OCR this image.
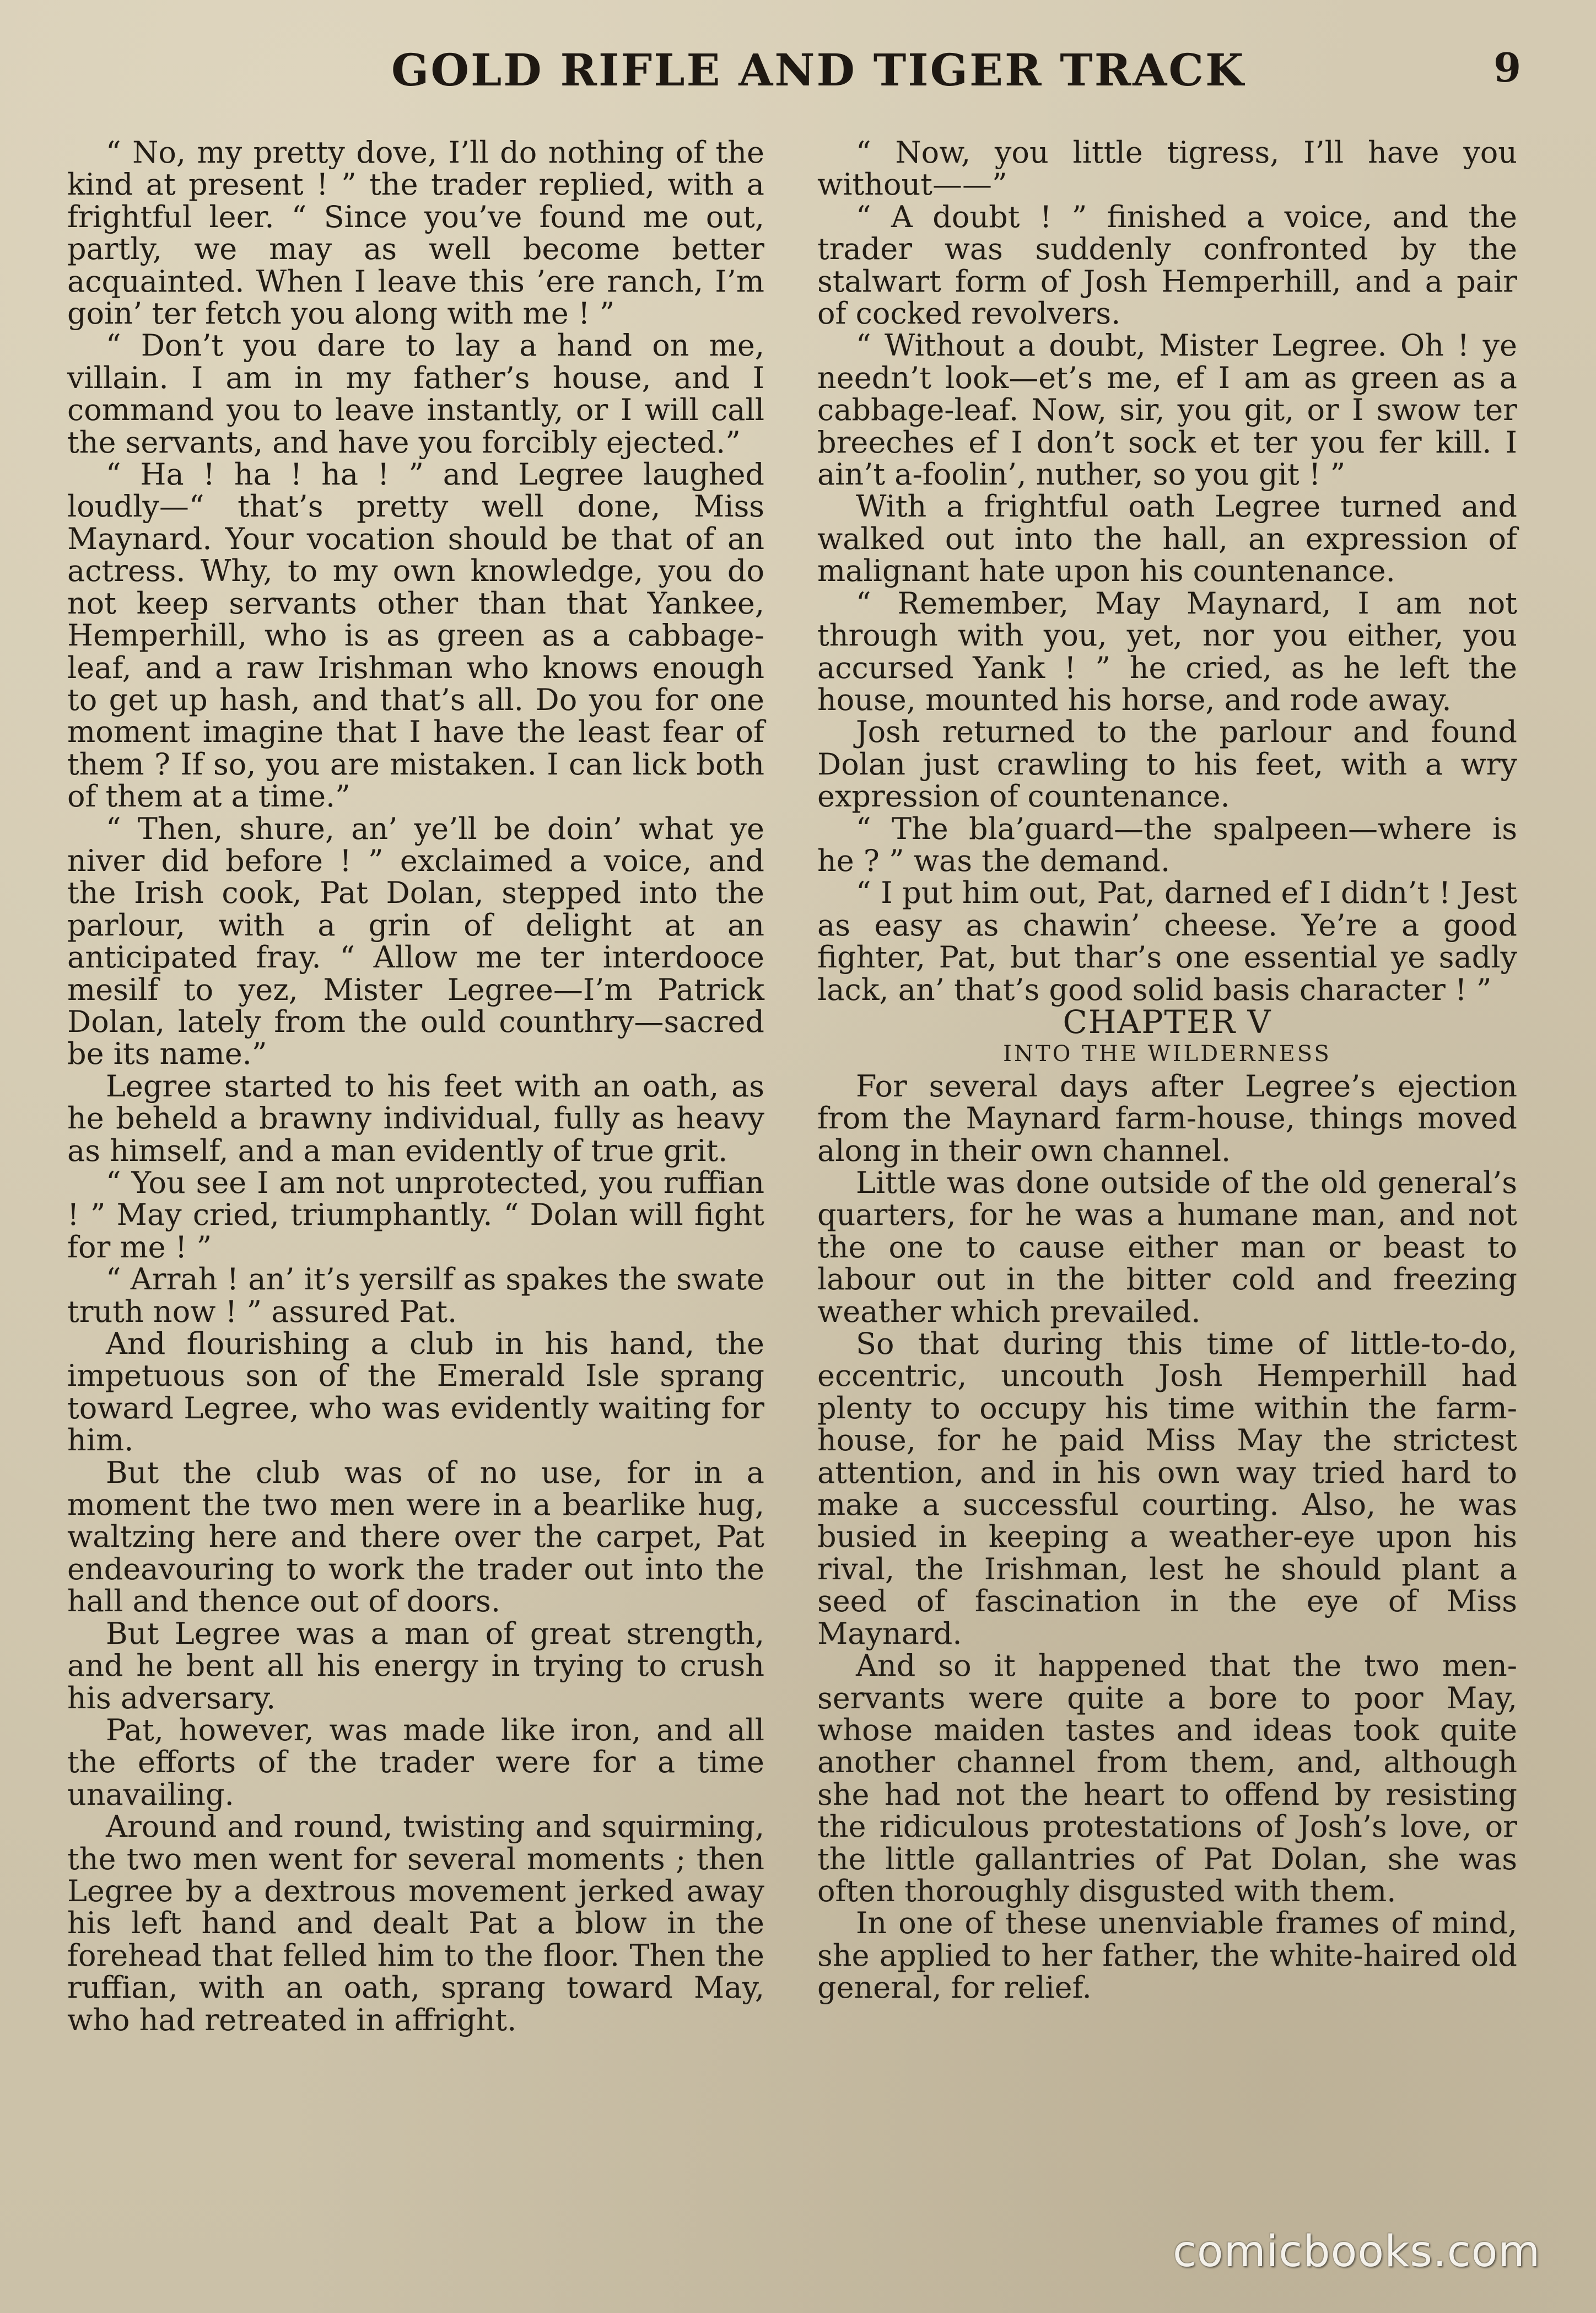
GOLD RIFLE AND TIGER TRACK	9

“ No, my pretty dove, I’ll do nothing of the kind at present ! ” the trader replied, with a frightful leer. “ Since you’ve found me out, partly, we may as well become better acquainted. When I leave this ’ere ranch, I’m goin’ ter fetch you along with me ! ”

“ Don’t you dare to lay a hand on me, villain. I am in my father’s house, and I command you to leave instantly, or I will call the servants, and have you forcibly ejected.”

“ Ha ! ha ! ha ! ” and Legree laughed loudly—“ that’s pretty well done, Miss Maynard. Your vocation should be that of an actress. Why, to my own knowledge, you do not keep servants other than that Yankee, Hemperhill, who is as green as a cabbage-leaf, and a raw Irishman who knows enough to get up hash, and that’s all. Do you for one moment imagine that I have the least fear of them ? If so, you are mistaken. I can lick both of them at a time.”

“ Then, shure, an’ ye’ll be doin’ what ye niver did before ! ” exclaimed a voice, and the Irish cook, Pat Dolan, stepped into the parlour, with a grin of delight at an anticipated fray. “ Allow me ter interdooce mesilf to yez, Mister Legree—I’m Patrick Dolan, lately from the ould counthry—sacred be its name.”

Legree started to his feet with an oath, as he beheld a brawny individual, fully as heavy as himself, and a man evidently of true grit.

“ You see I am not unprotected, you ruffian ! ” May cried, triumphantly. “ Dolan will fight for me ! ”

“ Arrah ! an’ it’s yersilf as spakes the swate truth now ! ” assured Pat.

And flourishing a club in his hand, the impetuous son of the Emerald Isle sprang toward Legree, who was evidently waiting for him.

But the club was of no use, for in a moment the two men were in a bearlike hug, waltzing here and there over the carpet, Pat endeavouring to work the trader out into the hall and thence out of doors.

But Legree was a man of great strength, and he bent all his energy in trying to crush his adversary.

Pat, however, was made like iron, and all the efforts of the trader were for a time unavailing.

Around and round, twisting and squirming, the two men went for several moments ; then Legree by a dextrous movement jerked away his left hand and dealt Pat a blow in the forehead that felled him to the floor. Then the ruffian, with an oath, sprang toward May, who had retreated in affright.

“ Now, you little tigress, I’ll have you without——”

“ A doubt ! ” finished a voice, and the trader was suddenly confronted by the stalwart form of Josh Hemperhill, and a pair of cocked revolvers.

“ Without a doubt, Mister Legree. Oh ! ye needn’t look—et’s me, ef I am as green as a cabbage-leaf. Now, sir, you git, or I swow ter breeches ef I don’t sock et ter you fer kill. I ain’t a-foolin’, nuther, so you git ! ”

With a frightful oath Legree turned and walked out into the hall, an expression of malignant hate upon his countenance.

“ Remember, May Maynard, I am not through with you, yet, nor you either, you accursed Yank ! ” he cried, as he left the house, mounted his horse, and rode away.

Josh returned to the parlour and found Dolan just crawling to his feet, with a wry expression of countenance.

“ The bla’guard—the spalpeen—where is he ? ” was the demand.

“ I put him out, Pat, darned ef I didn’t ! Jest as easy as chawin’ cheese. Ye’re a good fighter, Pat, but thar’s one essential ye sadly lack, an’ that’s good solid basis character ! ”

CHAPTER V

INTO THE WILDERNESS

For several days after Legree’s ejection from the Maynard farm-house, things moved along in their own channel.

Little was done outside of the old general’s quarters, for he was a humane man, and not the one to cause either man or beast to labour out in the bitter cold and freezing weather which prevailed.

So that during this time of little-to-do, eccentric, uncouth Josh Hemperhill had plenty to occupy his time within the farm-house, for he paid Miss May the strictest attention, and in his own way tried hard to make a successful courting. Also, he was busied in keeping a weather-eye upon his rival, the Irishman, lest he should plant a seed of fascination in the eye of Miss Maynard.

And so it happened that the two men-servants were quite a bore to poor May, whose maiden tastes and ideas took quite another channel from them, and, although she had not the heart to offend by resisting the ridiculous protestations of Josh’s love, or the little gallantries of Pat Dolan, she was often thoroughly disgusted with them.

In one of these unenviable frames of mind, she applied to her father, the white-haired old general, for relief.

comicbooks.com
